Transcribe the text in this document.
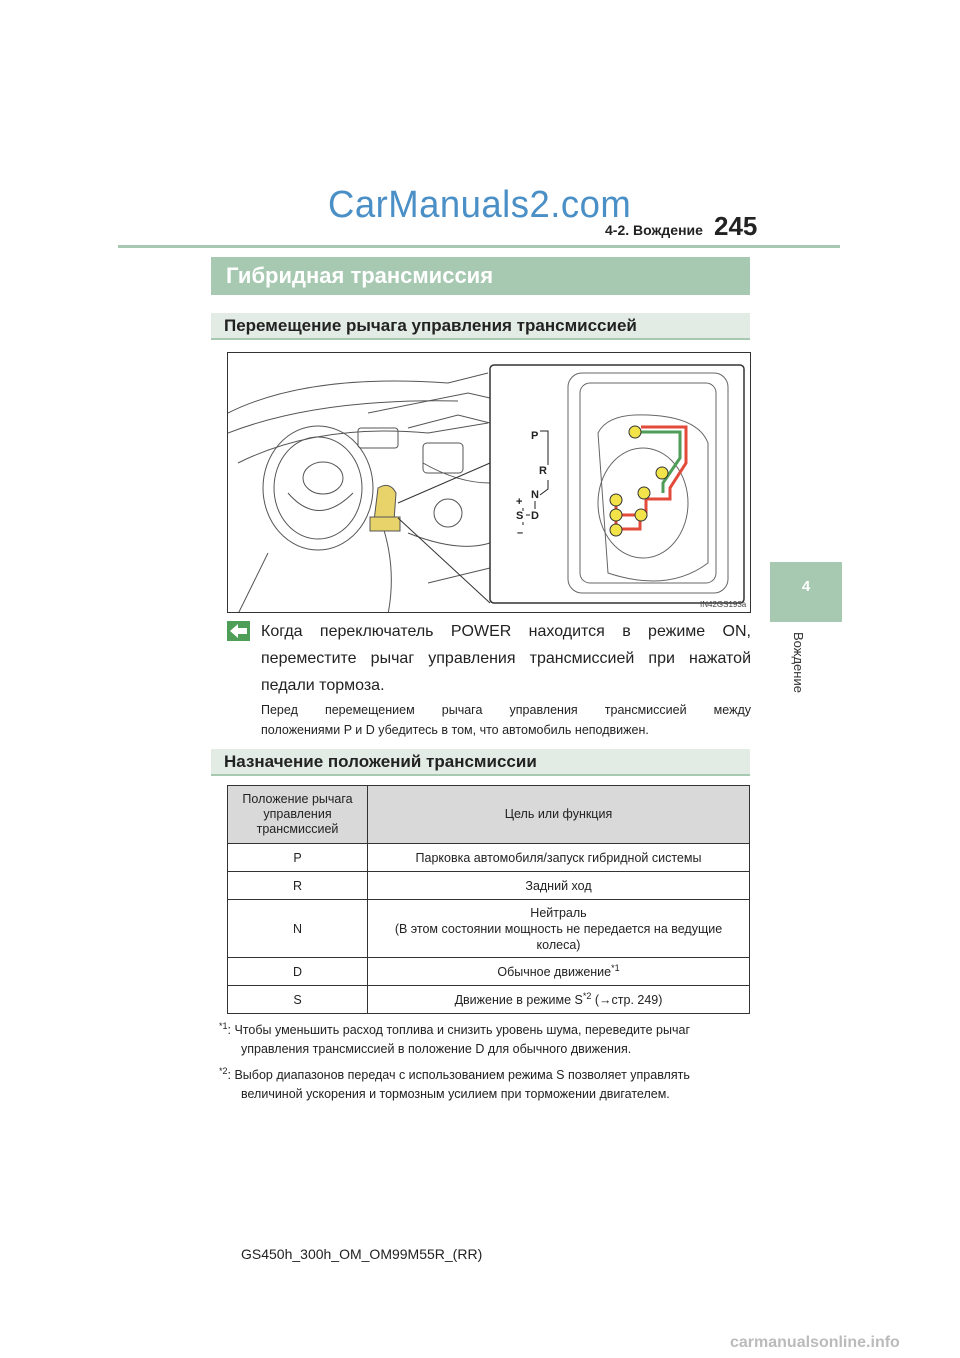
CarManuals2.com
4-2. Вождение 245
4
Вождение
Гибридная трансмиссия
Перемещение рычага управления трансмиссией
P
R
N
D
S
+
–
IN42GS193a
Когда переключатель POWER находится в режиме ON,
переместите рычаг управления трансмиссией при нажатой
педали тормоза.
Перед перемещением рычага управления трансмиссией между
положениями P и D убедитесь в том, что автомобиль неподвижен.
Назначение положений трансмиссии
Положение рычага управления трансмиссией	Цель или функция
P	Парковка автомобиля/запуск гибридной системы
R	Задний ход
N	Нейтраль
(В этом состоянии мощность не передается на ведущие колеса)

D	Обычное движение$^{*1}$
S	Движение в режиме $S^{*2}$ (→стр. 249)
$^{*1}$: Чтобы уменьшить расход топлива и снизить уровень шума, переведите рычаг
управления трансмиссией в положение D для обычного движения.
$^{*2}$: Выбор диапазонов передач с использованием режима S позволяет управлять
величиной ускорения и тормозным усилием при торможении двигателем.
GS450h_300h_OM_OM99M55R_(RR)
carmanualsonline.info
